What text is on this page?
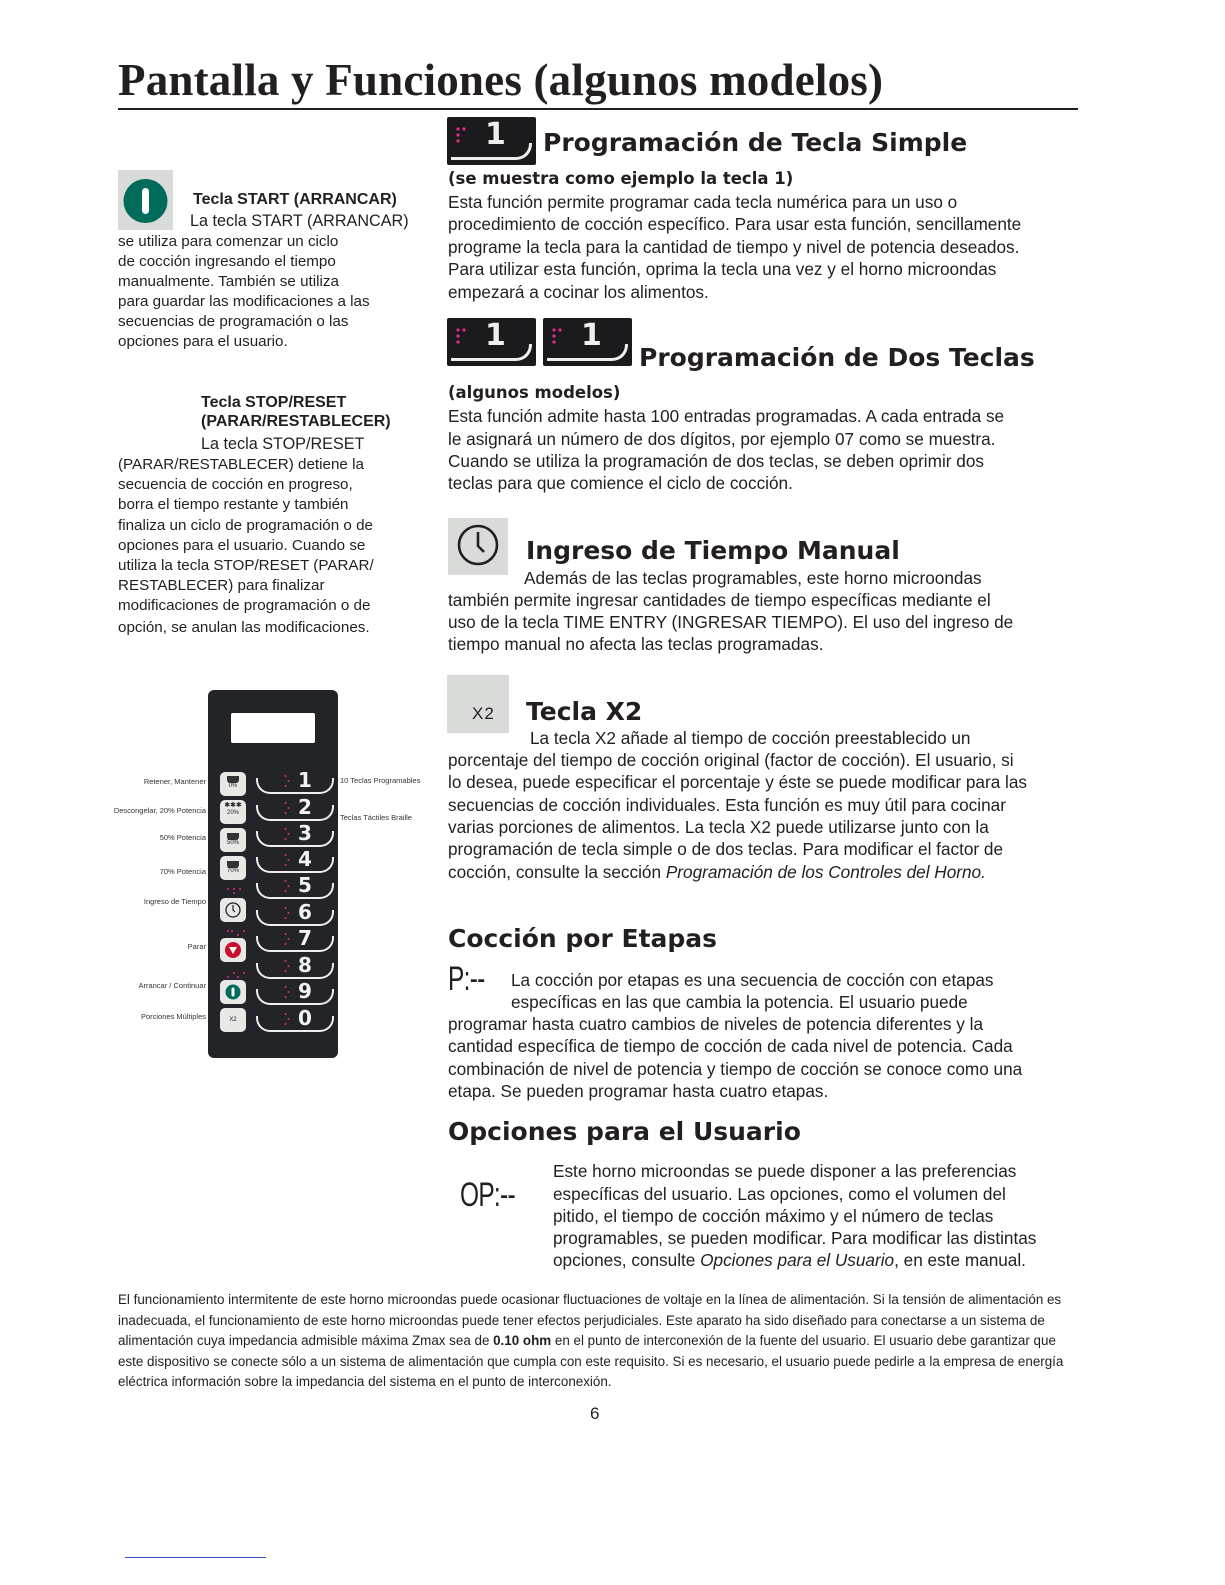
Pantalla y Funciones (algunos modelos)
Tecla START (ARRANCAR)
La tecla START (ARRANCAR)
se utiliza para comenzar un ciclo
de cocción ingresando el tiempo
manualmente. También se utiliza
para guardar las modificaciones a las
secuencias de programación o las
opciones para el usuario.
Tecla STOP/RESET
(PARAR/RESTABLECER)
La tecla STOP/RESET
(PARAR/RESTABLECER) detiene la
secuencia de cocción en progreso,
borra el tiempo restante y también
finaliza un ciclo de programación o de
opciones para el usuario. Cuando se
utiliza la tecla STOP/RESET (PARAR/
RESTABLECER) para finalizar
modificaciones de programación o de
opción, se anulan las modificaciones.
Retener, Mantener
Descongelar, 20% Potencia
50% Potencia
70% Potencia
Ingreso de Tiempo
Parar
Arrancar / Continuar
Porciones Múltiples
10 Teclas Programables
Teclas Táctiles Braille
0%
✱✱✱
20%
50%
70%
X2
1
2
3
4
5
6
7
8
9
0
1 Programación de Tecla Simple
(se muestra como ejemplo la tecla 1)
Esta función permite programar cada tecla numérica para un uso o
procedimiento de cocción específico. Para usar esta función, sencillamente
programe la tecla para la cantidad de tiempo y nivel de potencia deseados.
Para utilizar esta función, oprima la tecla una vez y el horno microondas
empezará a cocinar los alimentos.
1	1
Programación de Dos Teclas
(algunos modelos)
Esta función admite hasta 100 entradas programadas. A cada entrada se
le asignará un número de dos dígitos, por ejemplo 07 como se muestra.
Cuando se utiliza la programación de dos teclas, se deben oprimir dos
teclas para que comience el ciclo de cocción.
Ingreso de Tiempo Manual
Además de las teclas programables, este horno microondas
también permite ingresar cantidades de tiempo específicas mediante el
uso de la tecla TIME ENTRY (INGRESAR TIEMPO). El uso del ingreso de
tiempo manual no afecta las teclas programadas.
X2 Tecla X2
La tecla X2 añade al tiempo de cocción preestablecido un
porcentaje del tiempo de cocción original (factor de cocción). El usuario, si
lo desea, puede especificar el porcentaje y éste se puede modificar para las
secuencias de cocción individuales. Esta función es muy útil para cocinar
varias porciones de alimentos. La tecla X2 puede utilizarse junto con la
programación de tecla simple o de dos teclas. Para modificar el factor de
cocción, consulte la sección Programación de los Controles del Horno.
Cocción por Etapas
P:-- La cocción por etapas es una secuencia de cocción con etapas
específicas en las que cambia la potencia. El usuario puede
programar hasta cuatro cambios de niveles de potencia diferentes y la
cantidad específica de tiempo de cocción de cada nivel de potencia. Cada
combinación de nivel de potencia y tiempo de cocción se conoce como una
etapa. Se pueden programar hasta cuatro etapas.
Opciones para el Usuario
OP:--
Este horno microondas se puede disponer a las preferencias
específicas del usuario. Las opciones, como el volumen del
pitido, el tiempo de cocción máximo y el número de teclas
programables, se pueden modificar. Para modificar las distintas
opciones, consulte Opciones para el Usuario, en este manual.
El funcionamiento intermitente de este horno microondas puede ocasionar fluctuaciones de voltaje en la línea de alimentación. Si la tensión de alimentación es inadecuada, el funcionamiento de este horno microondas puede tener efectos perjudiciales. Este aparato ha sido diseñado para conectarse a un sistema de alimentación cuya impedancia admisible máxima Zmax sea de 0.10 ohm en el punto de interconexión de la fuente del usuario. El usuario debe garantizar que este dispositivo se conecte sólo a un sistema de alimentación que cumpla con este requisito. Si es necesario, el usuario puede pedirle a la empresa de energía eléctrica información sobre la impedancia del sistema en el punto de interconexión.
6
